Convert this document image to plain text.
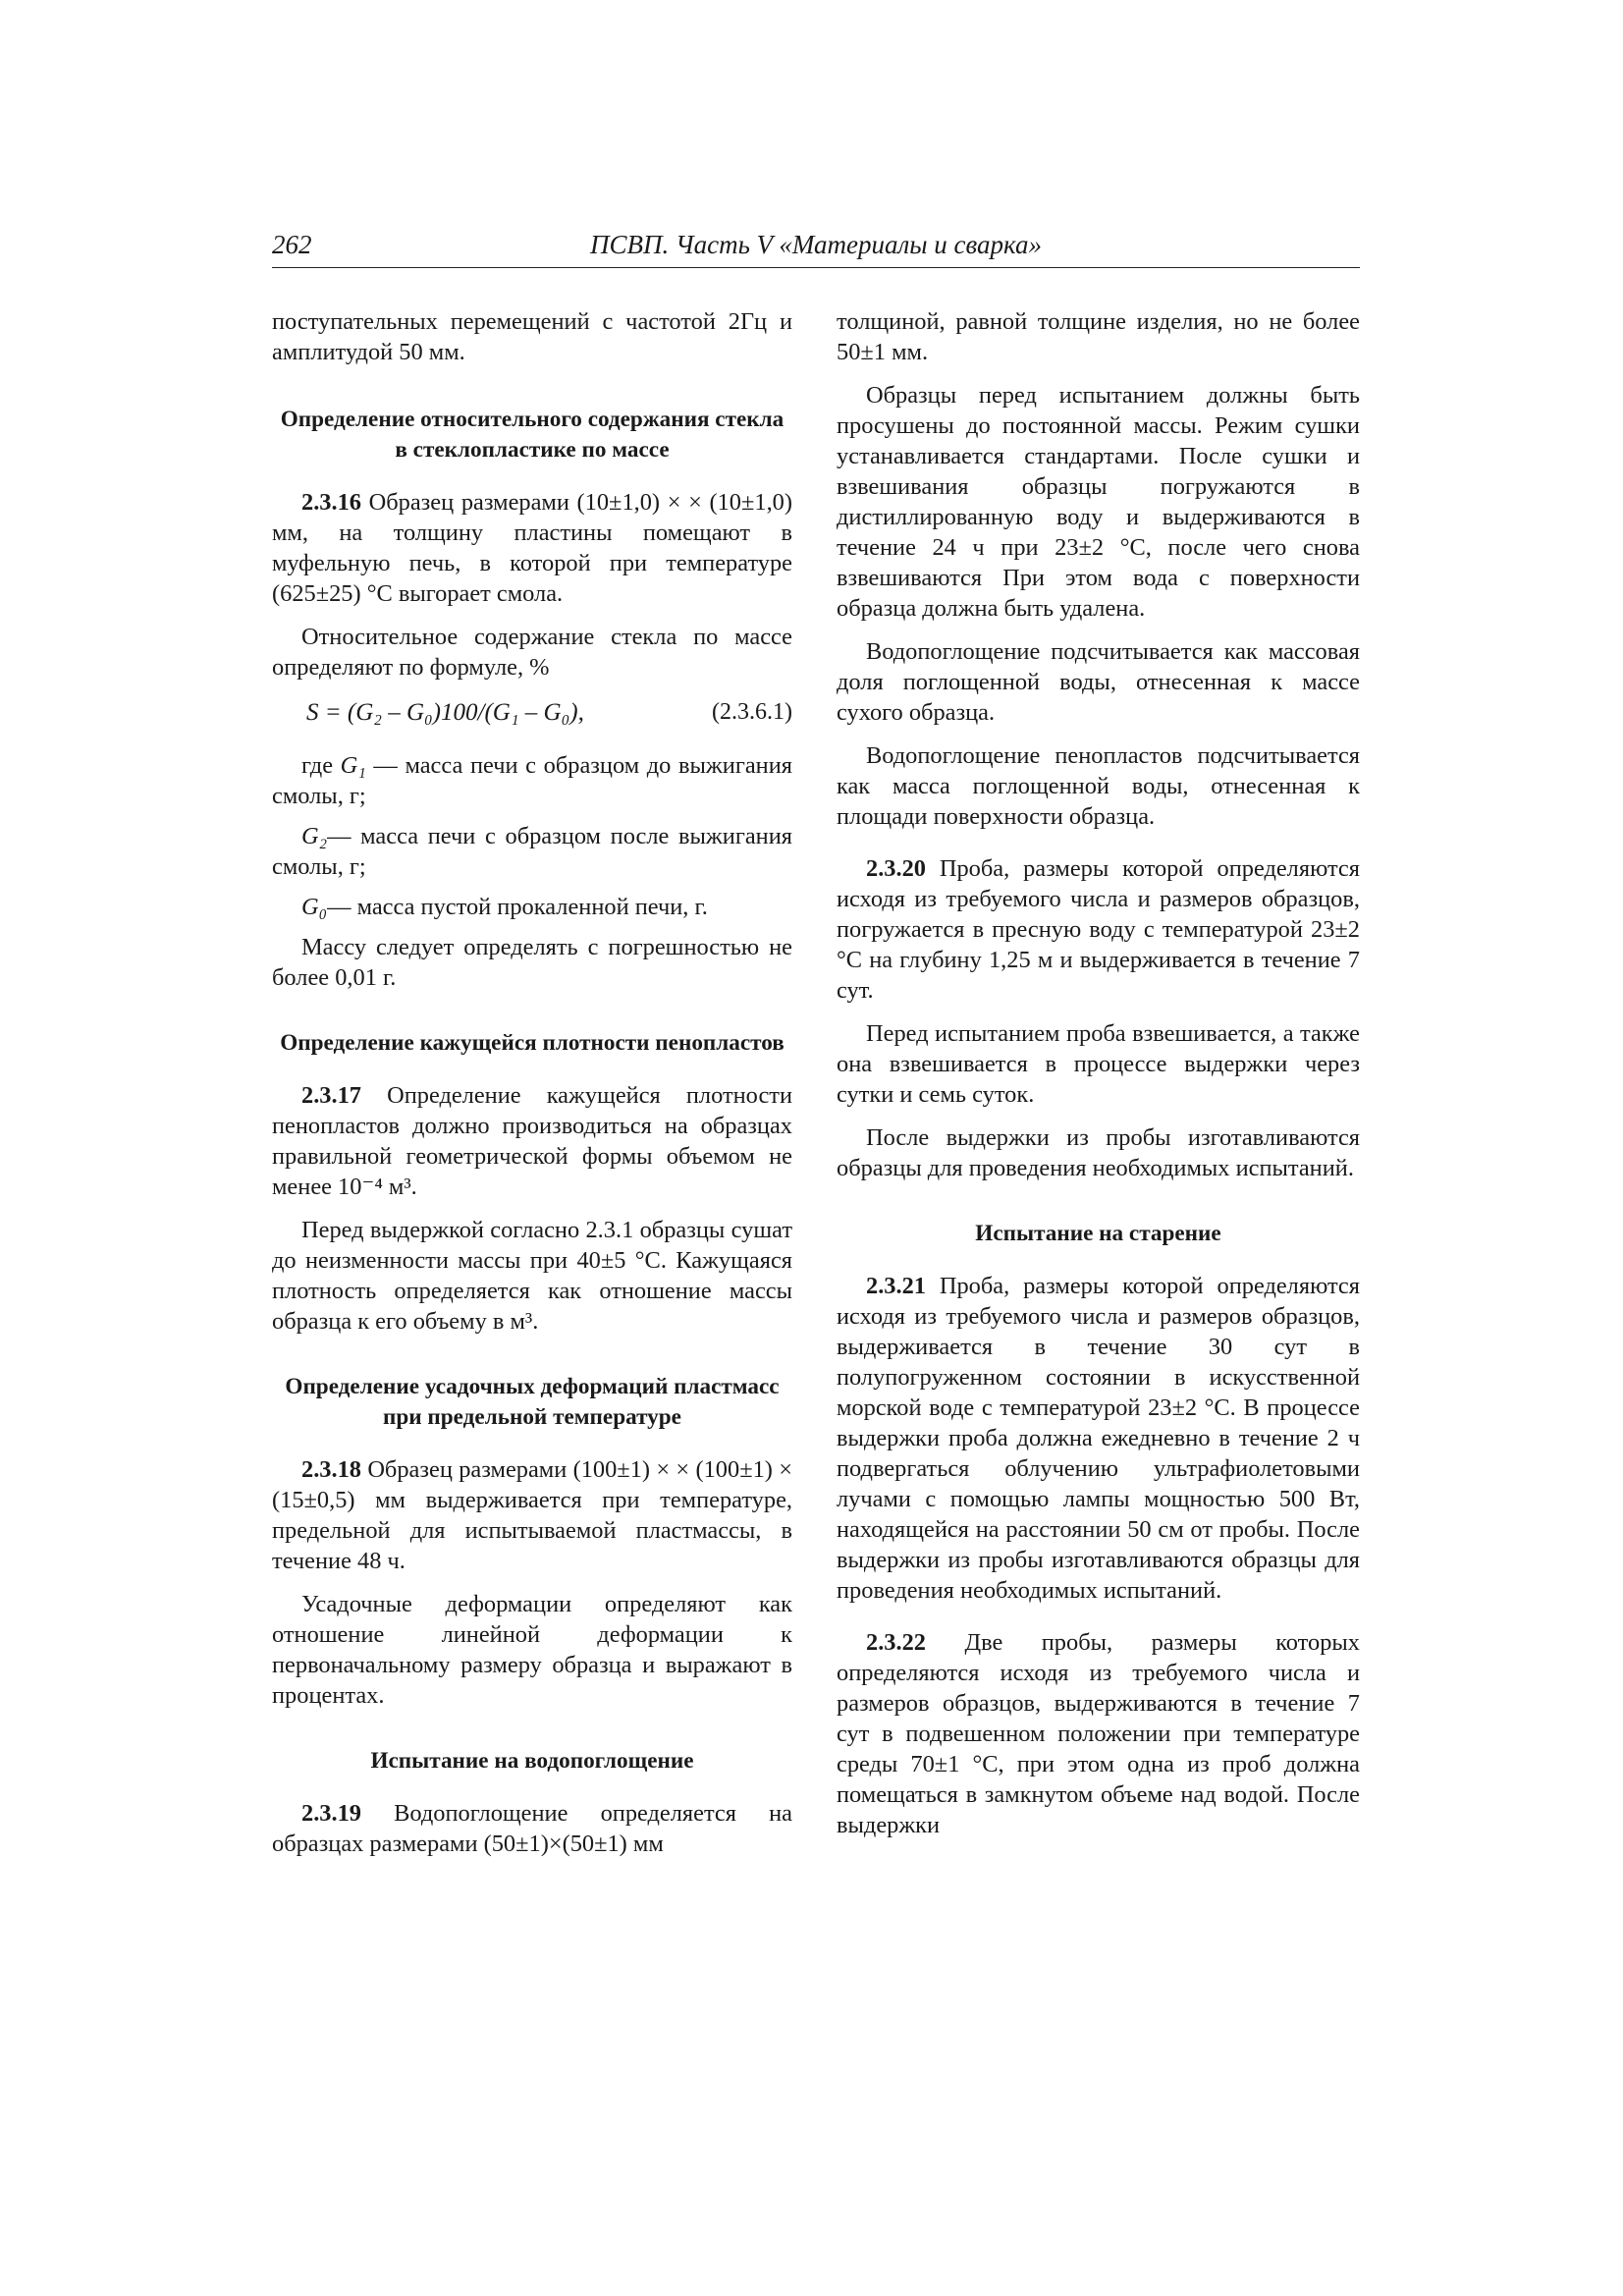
262	ПСВП. Часть V «Материалы и сварка»

поступательных перемещений с частотой 2Гц и амплитудой 50 мм.

Определение относительного содержания стекла в стеклопластике по массе

2.3.16 Образец размерами (10±1,0) × × (10±1,0) мм, на толщину пластины помещают в муфельную печь, в которой при температуре (625±25) °С выгорает смола.

Относительное содержание стекла по массе определяют по формуле, %

S = (G₂ – G₀)100/(G₁ – G₀),	(2.3.6.1)

где G₁ — масса печи с образцом до выжигания смолы, г;

G₂— масса печи с образцом после выжигания смолы, г;

G₀— масса пустой прокаленной печи, г.

Массу следует определять с погрешностью не более 0,01 г.

Определение кажущейся плотности пенопластов

2.3.17 Определение кажущейся плотности пенопластов должно производиться на образцах правильной геометрической формы объемом не менее 10⁻⁴ м³.

Перед выдержкой согласно 2.3.1 образцы сушат до неизменности массы при 40±5 °С. Кажущаяся плотность определяется как отношение массы образца к его объему в м³.

Определение усадочных деформаций пластмасс при предельной температуре

2.3.18 Образец размерами (100±1) × × (100±1) × (15±0,5) мм выдерживается при температуре, предельной для испытываемой пластмассы, в течение 48 ч.

Усадочные деформации определяют как отношение линейной деформации к первоначальному размеру образца и выражают в процентах.

Испытание на водопоглощение

2.3.19 Водопоглощение определяется на образцах размерами (50±1)×(50±1) мм

толщиной, равной толщине изделия, но не более 50±1 мм.

Образцы перед испытанием должны быть просушены до постоянной массы. Режим сушки устанавливается стандартами. После сушки и взвешивания образцы погружаются в дистиллированную воду и выдерживаются в течение 24 ч при 23±2 °С, после чего снова взвешиваются При этом вода с поверхности образца должна быть удалена.

Водопоглощение подсчитывается как массовая доля поглощенной воды, отнесенная к массе сухого образца.

Водопоглощение пенопластов подсчитывается как масса поглощенной воды, отнесенная к площади поверхности образца.

2.3.20 Проба, размеры которой определяются исходя из требуемого числа и размеров образцов, погружается в пресную воду с температурой 23±2 °С на глубину 1,25 м и выдерживается в течение 7 сут.

Перед испытанием проба взвешивается, а также она взвешивается в процессе выдержки через сутки и семь суток.

После выдержки из пробы изготавливаются образцы для проведения необходимых испытаний.

Испытание на старение

2.3.21 Проба, размеры которой определяются исходя из требуемого числа и размеров образцов, выдерживается в течение 30 сут в полупогруженном состоянии в искусственной морской воде с температурой 23±2 °С. В процессе выдержки проба должна ежедневно в течение 2 ч подвергаться облучению ультрафиолетовыми лучами с помощью лампы мощностью 500 Вт, находящейся на расстоянии 50 см от пробы. После выдержки из пробы изготавливаются образцы для проведения необходимых испытаний.

2.3.22 Две пробы, размеры которых определяются исходя из требуемого числа и размеров образцов, выдерживаются в течение 7 сут в подвешенном положении при температуре среды 70±1 °С, при этом одна из проб должна помещаться в замкнутом объеме над водой. После выдержки
